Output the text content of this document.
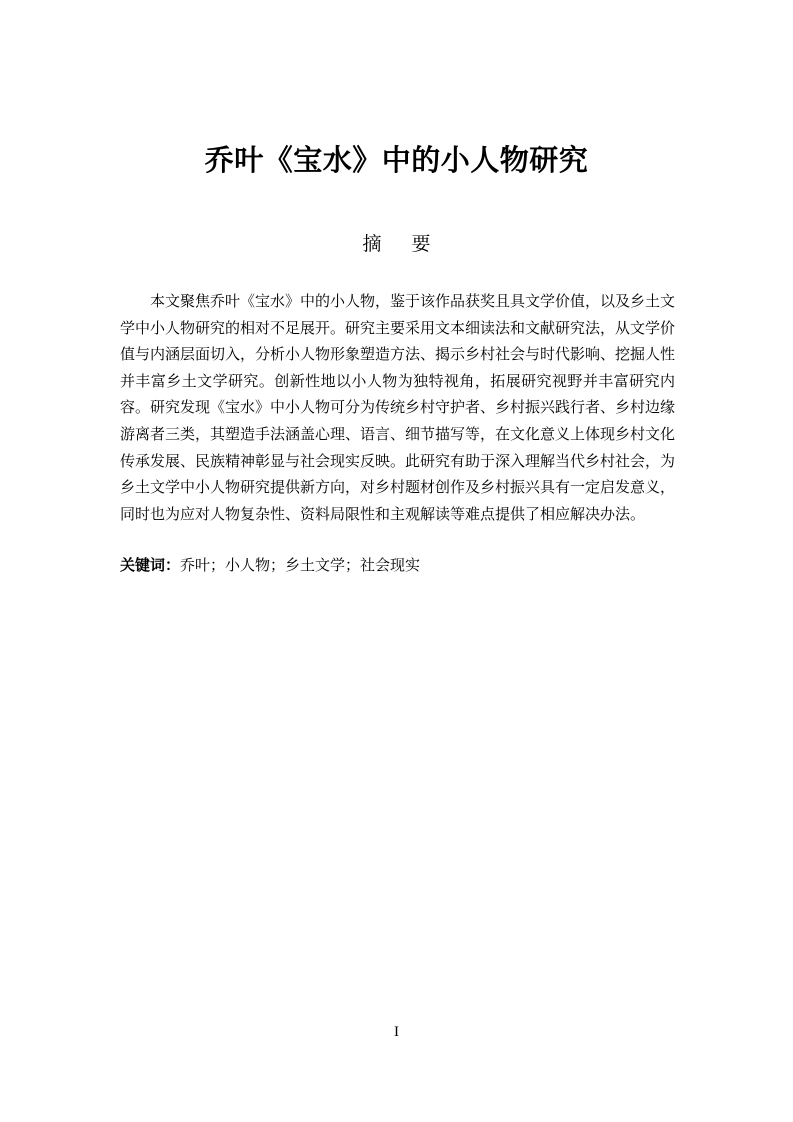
乔叶《宝水》中的小人物研究
摘要

本文聚焦乔叶《宝水》中的小人物，鉴于该作品获奖且具文学价值，以及乡土文学中小人物研究的相对不足展开。研究主要采用文本细读法和文献研究法，从文学价值与内涵层面切入，分析小人物形象塑造方法、揭示乡村社会与时代影响、挖掘人性并丰富乡土文学研究。创新性地以小人物为独特视角，拓展研究视野并丰富研究内容。研究发现《宝水》中小人物可分为传统乡村守护者、乡村振兴践行者、乡村边缘游离者三类，其塑造手法涵盖心理、语言、细节描写等，在文化意义上体现乡村文化传承发展、民族精神彰显与社会现实反映。此研究有助于深入理解当代乡村社会，为乡土文学中小人物研究提供新方向，对乡村题材创作及乡村振兴具有一定启发意义，同时也为应对人物复杂性、资料局限性和主观解读等难点提供了相应解决办法。

关键词：乔叶；小人物；乡土文学；社会现实

I
